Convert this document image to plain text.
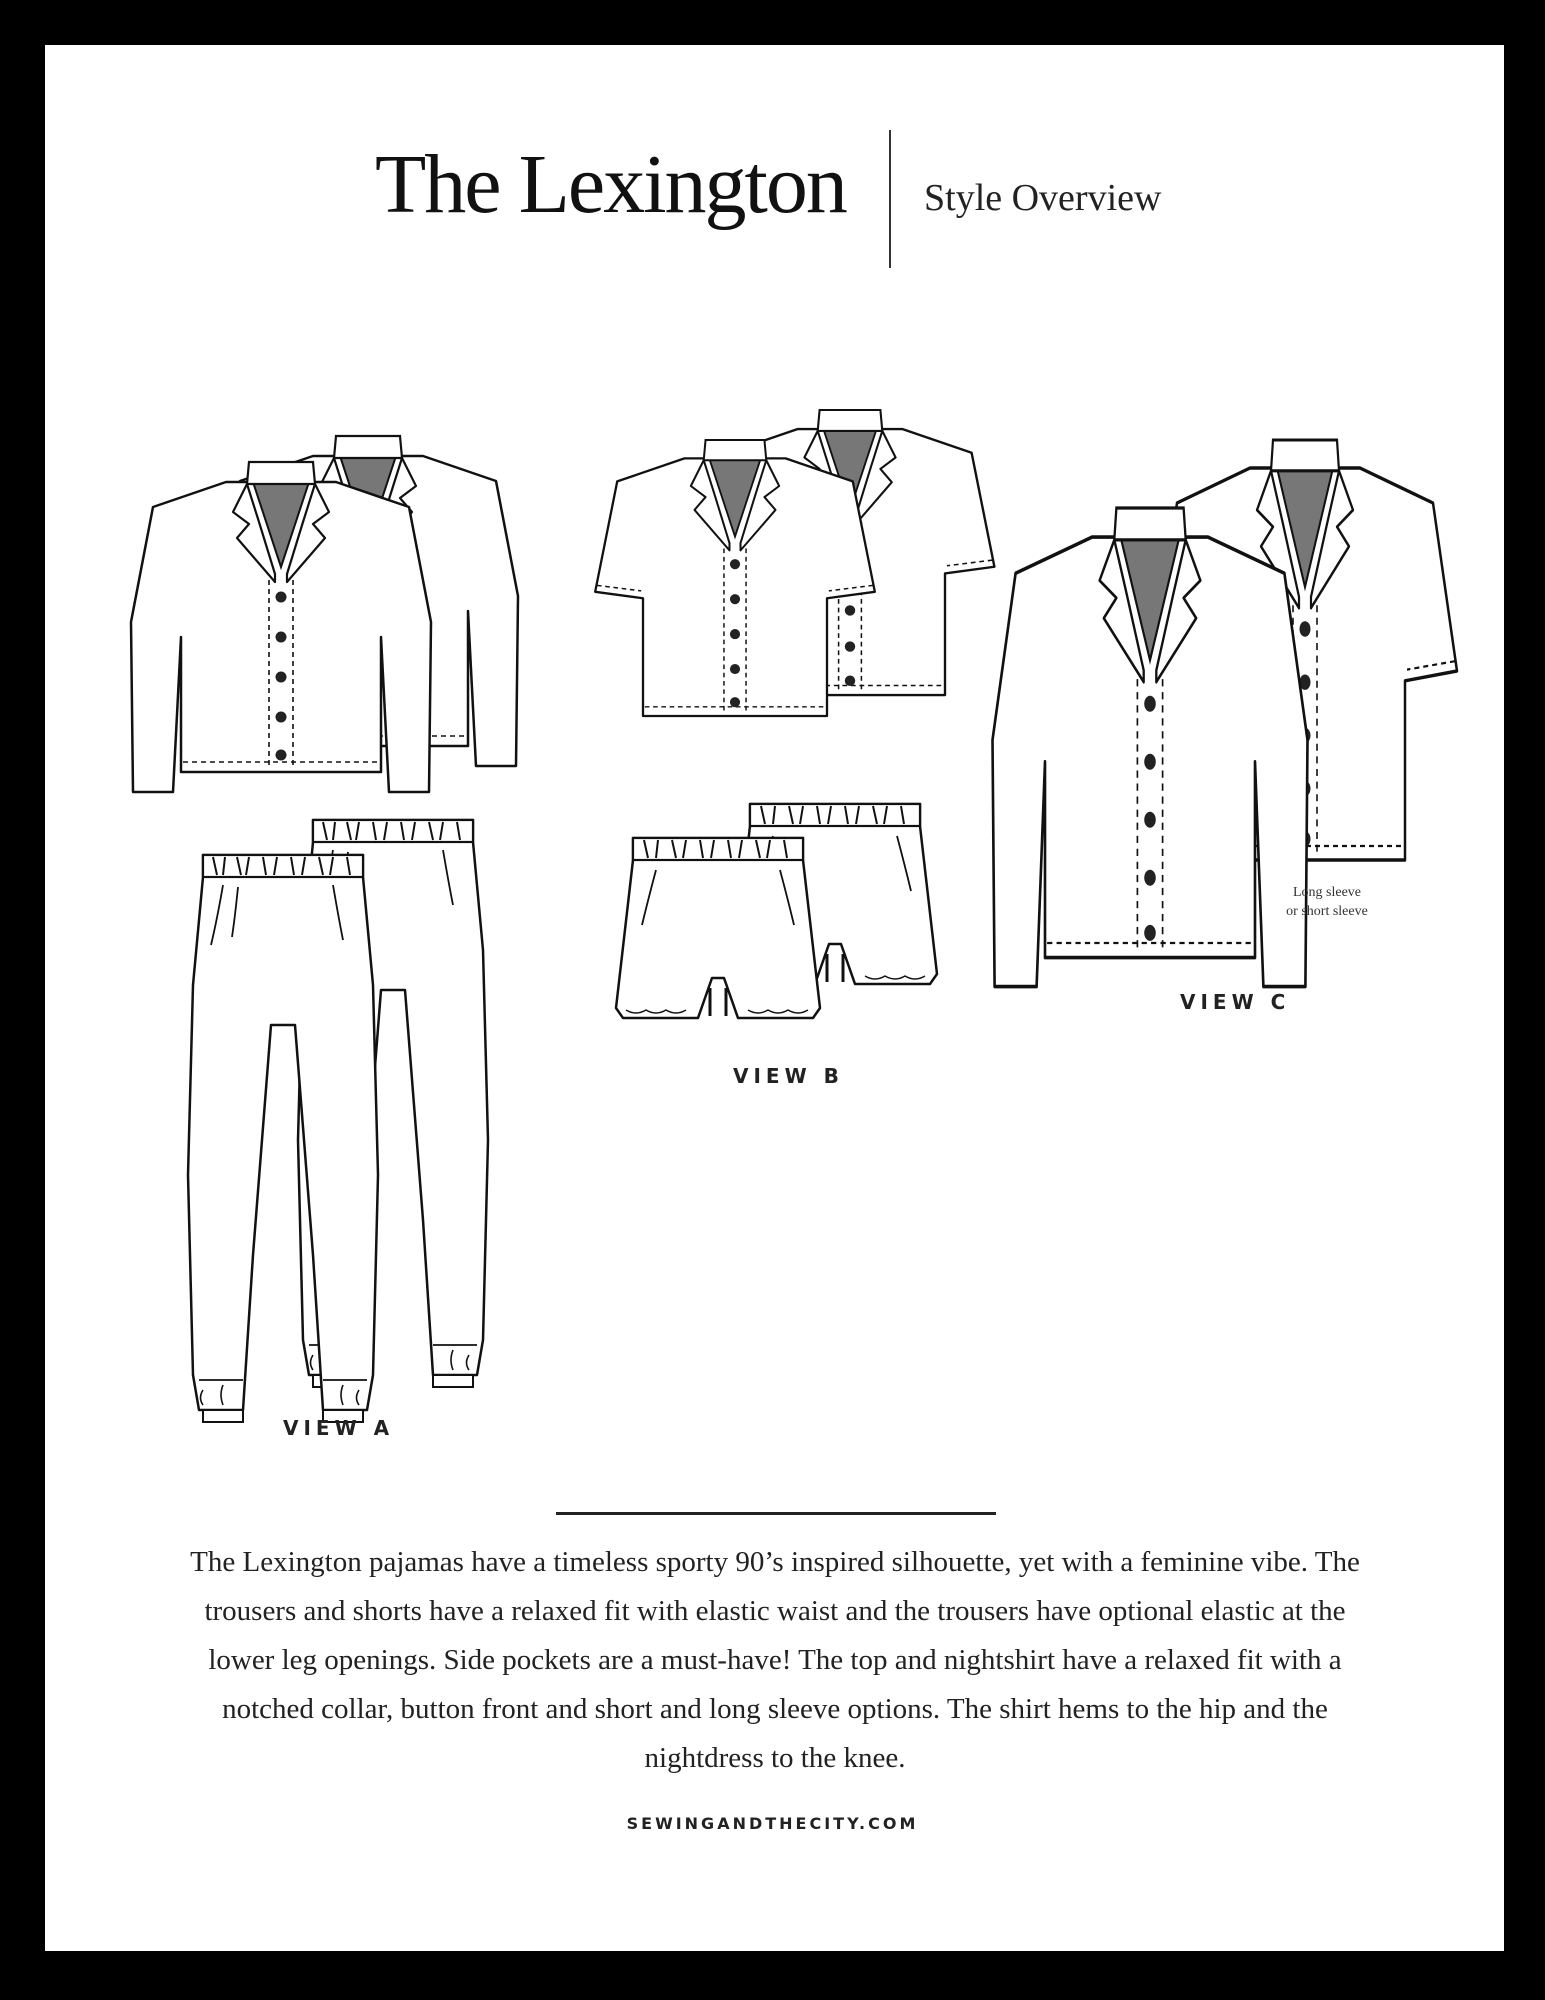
The Lexington Style Overview
Long sleeve
or short sleeve
VIEW A
VIEW B
VIEW C
The Lexington pajamas have a timeless sporty 90’s inspired silhouette, yet with a feminine vibe. The trousers and shorts have a relaxed fit with elastic waist and the trousers have optional elastic at the lower leg openings. Side pockets are a must-have! The top and nightshirt have a relaxed fit with a notched collar, button front and short and long sleeve options. The shirt hems to the hip and the nightdress to the knee.
SEWINGANDTHECITY.COM
